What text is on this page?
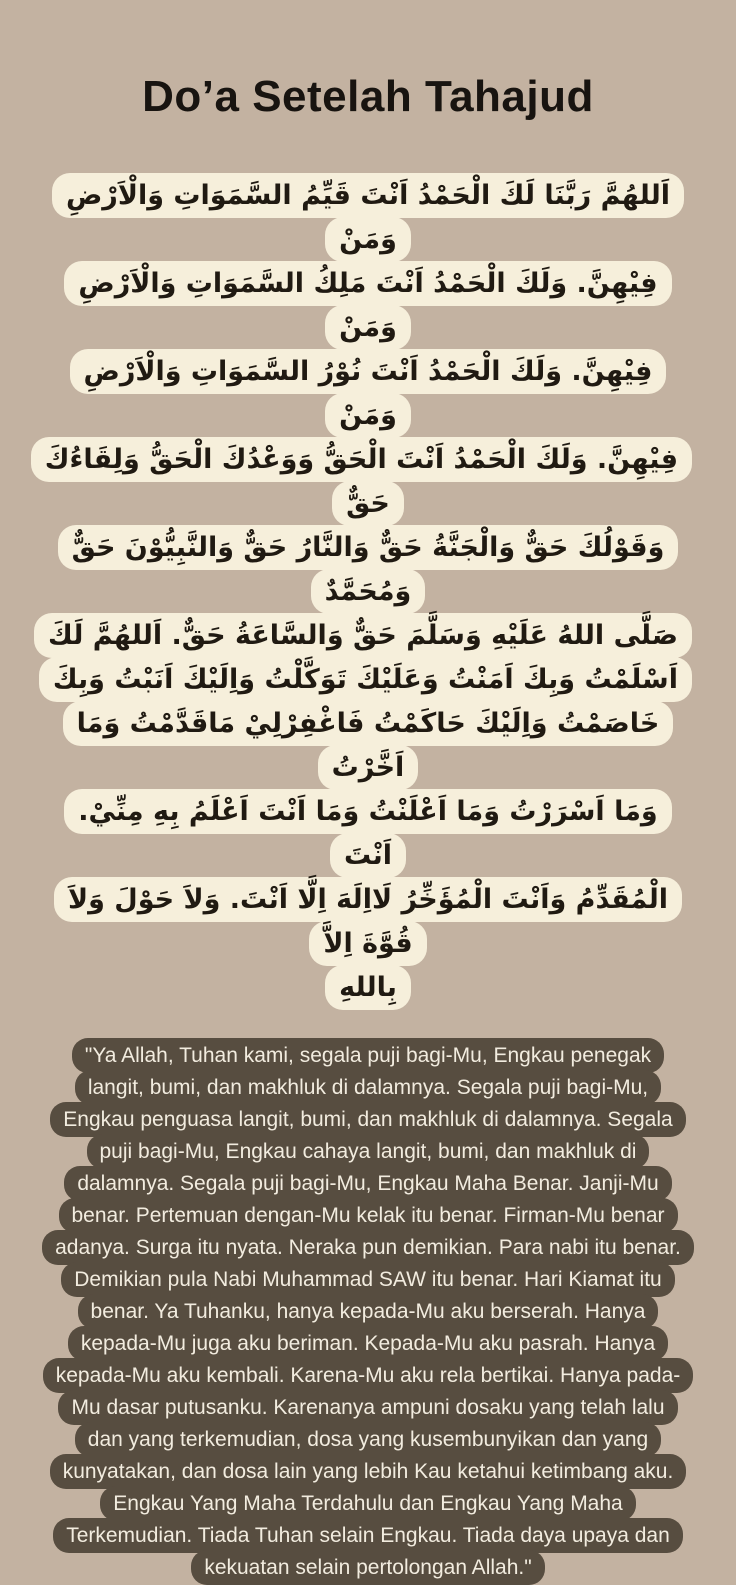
Do’a Setelah Tahajud
اَللهُمَّ رَبَّنَا لَكَ الْحَمْدُ اَنْتَ قَيِّمُ السَّمَوَاتِ وَالْاَرْضِ وَمَنْ
فِيْهِنَّ. وَلَكَ الْحَمْدُ اَنْتَ مَلِكُ السَّمَوَاتِ وَالْاَرْضِ وَمَنْ
فِيْهِنَّ. وَلَكَ الْحَمْدُ اَنْتَ نُوْرُ السَّمَوَاتِ وَالْاَرْضِ وَمَنْ
فِيْهِنَّ. وَلَكَ الْحَمْدُ اَنْتَ الْحَقُّ وَوَعْدُكَ الْحَقُّ وَلِقَاءُكَ حَقٌّ
وَقَوْلُكَ حَقٌّ وَالْجَنَّةُ حَقٌّ وَالنَّارُ حَقٌّ وَالنَّبِيُّوْنَ حَقٌّ وَمُحَمَّدٌ
صَلَّى اللهُ عَلَيْهِ وَسَلَّمَ حَقٌّ وَالسَّاعَةُ حَقٌّ. اَللهُمَّ لَكَ
اَسْلَمْتُ وَبِكَ اَمَنْتُ وَعَلَيْكَ تَوَكَّلْتُ وَاِلَيْكَ اَنَبْتُ وَبِكَ
خَاصَمْتُ وَاِلَيْكَ حَاكَمْتُ فَاغْفِرْلِيْ مَاقَدَّمْتُ وَمَا اَخَّرْتُ
وَمَا اَسْرَرْتُ وَمَا اَعْلَنْتُ وَمَا اَنْتَ اَعْلَمُ بِهِ مِنِّيْ. اَنْتَ
الْمُقَدِّمُ وَاَنْتَ الْمُؤَخِّرُ لَااِلَهَ اِلَّا اَنْتَ. وَلاَ حَوْلَ وَلاَ قُوَّةَ اِلاَّ
بِاللهِ
"Ya Allah, Tuhan kami, segala puji bagi-Mu, Engkau penegak
langit, bumi, dan makhluk di dalamnya. Segala puji bagi-Mu,
Engkau penguasa langit, bumi, dan makhluk di dalamnya. Segala
puji bagi-Mu, Engkau cahaya langit, bumi, dan makhluk di
dalamnya. Segala puji bagi-Mu, Engkau Maha Benar. Janji-Mu
benar. Pertemuan dengan-Mu kelak itu benar. Firman-Mu benar
adanya. Surga itu nyata. Neraka pun demikian. Para nabi itu benar.
Demikian pula Nabi Muhammad SAW itu benar. Hari Kiamat itu
benar. Ya Tuhanku, hanya kepada-Mu aku berserah. Hanya
kepada-Mu juga aku beriman. Kepada-Mu aku pasrah. Hanya
kepada-Mu aku kembali. Karena-Mu aku rela bertikai. Hanya pada-
Mu dasar putusanku. Karenanya ampuni dosaku yang telah lalu
dan yang terkemudian, dosa yang kusembunyikan dan yang
kunyatakan, dan dosa lain yang lebih Kau ketahui ketimbang aku.
Engkau Yang Maha Terdahulu dan Engkau Yang Maha
Terkemudian. Tiada Tuhan selain Engkau. Tiada daya upaya dan
kekuatan selain pertolongan Allah."
